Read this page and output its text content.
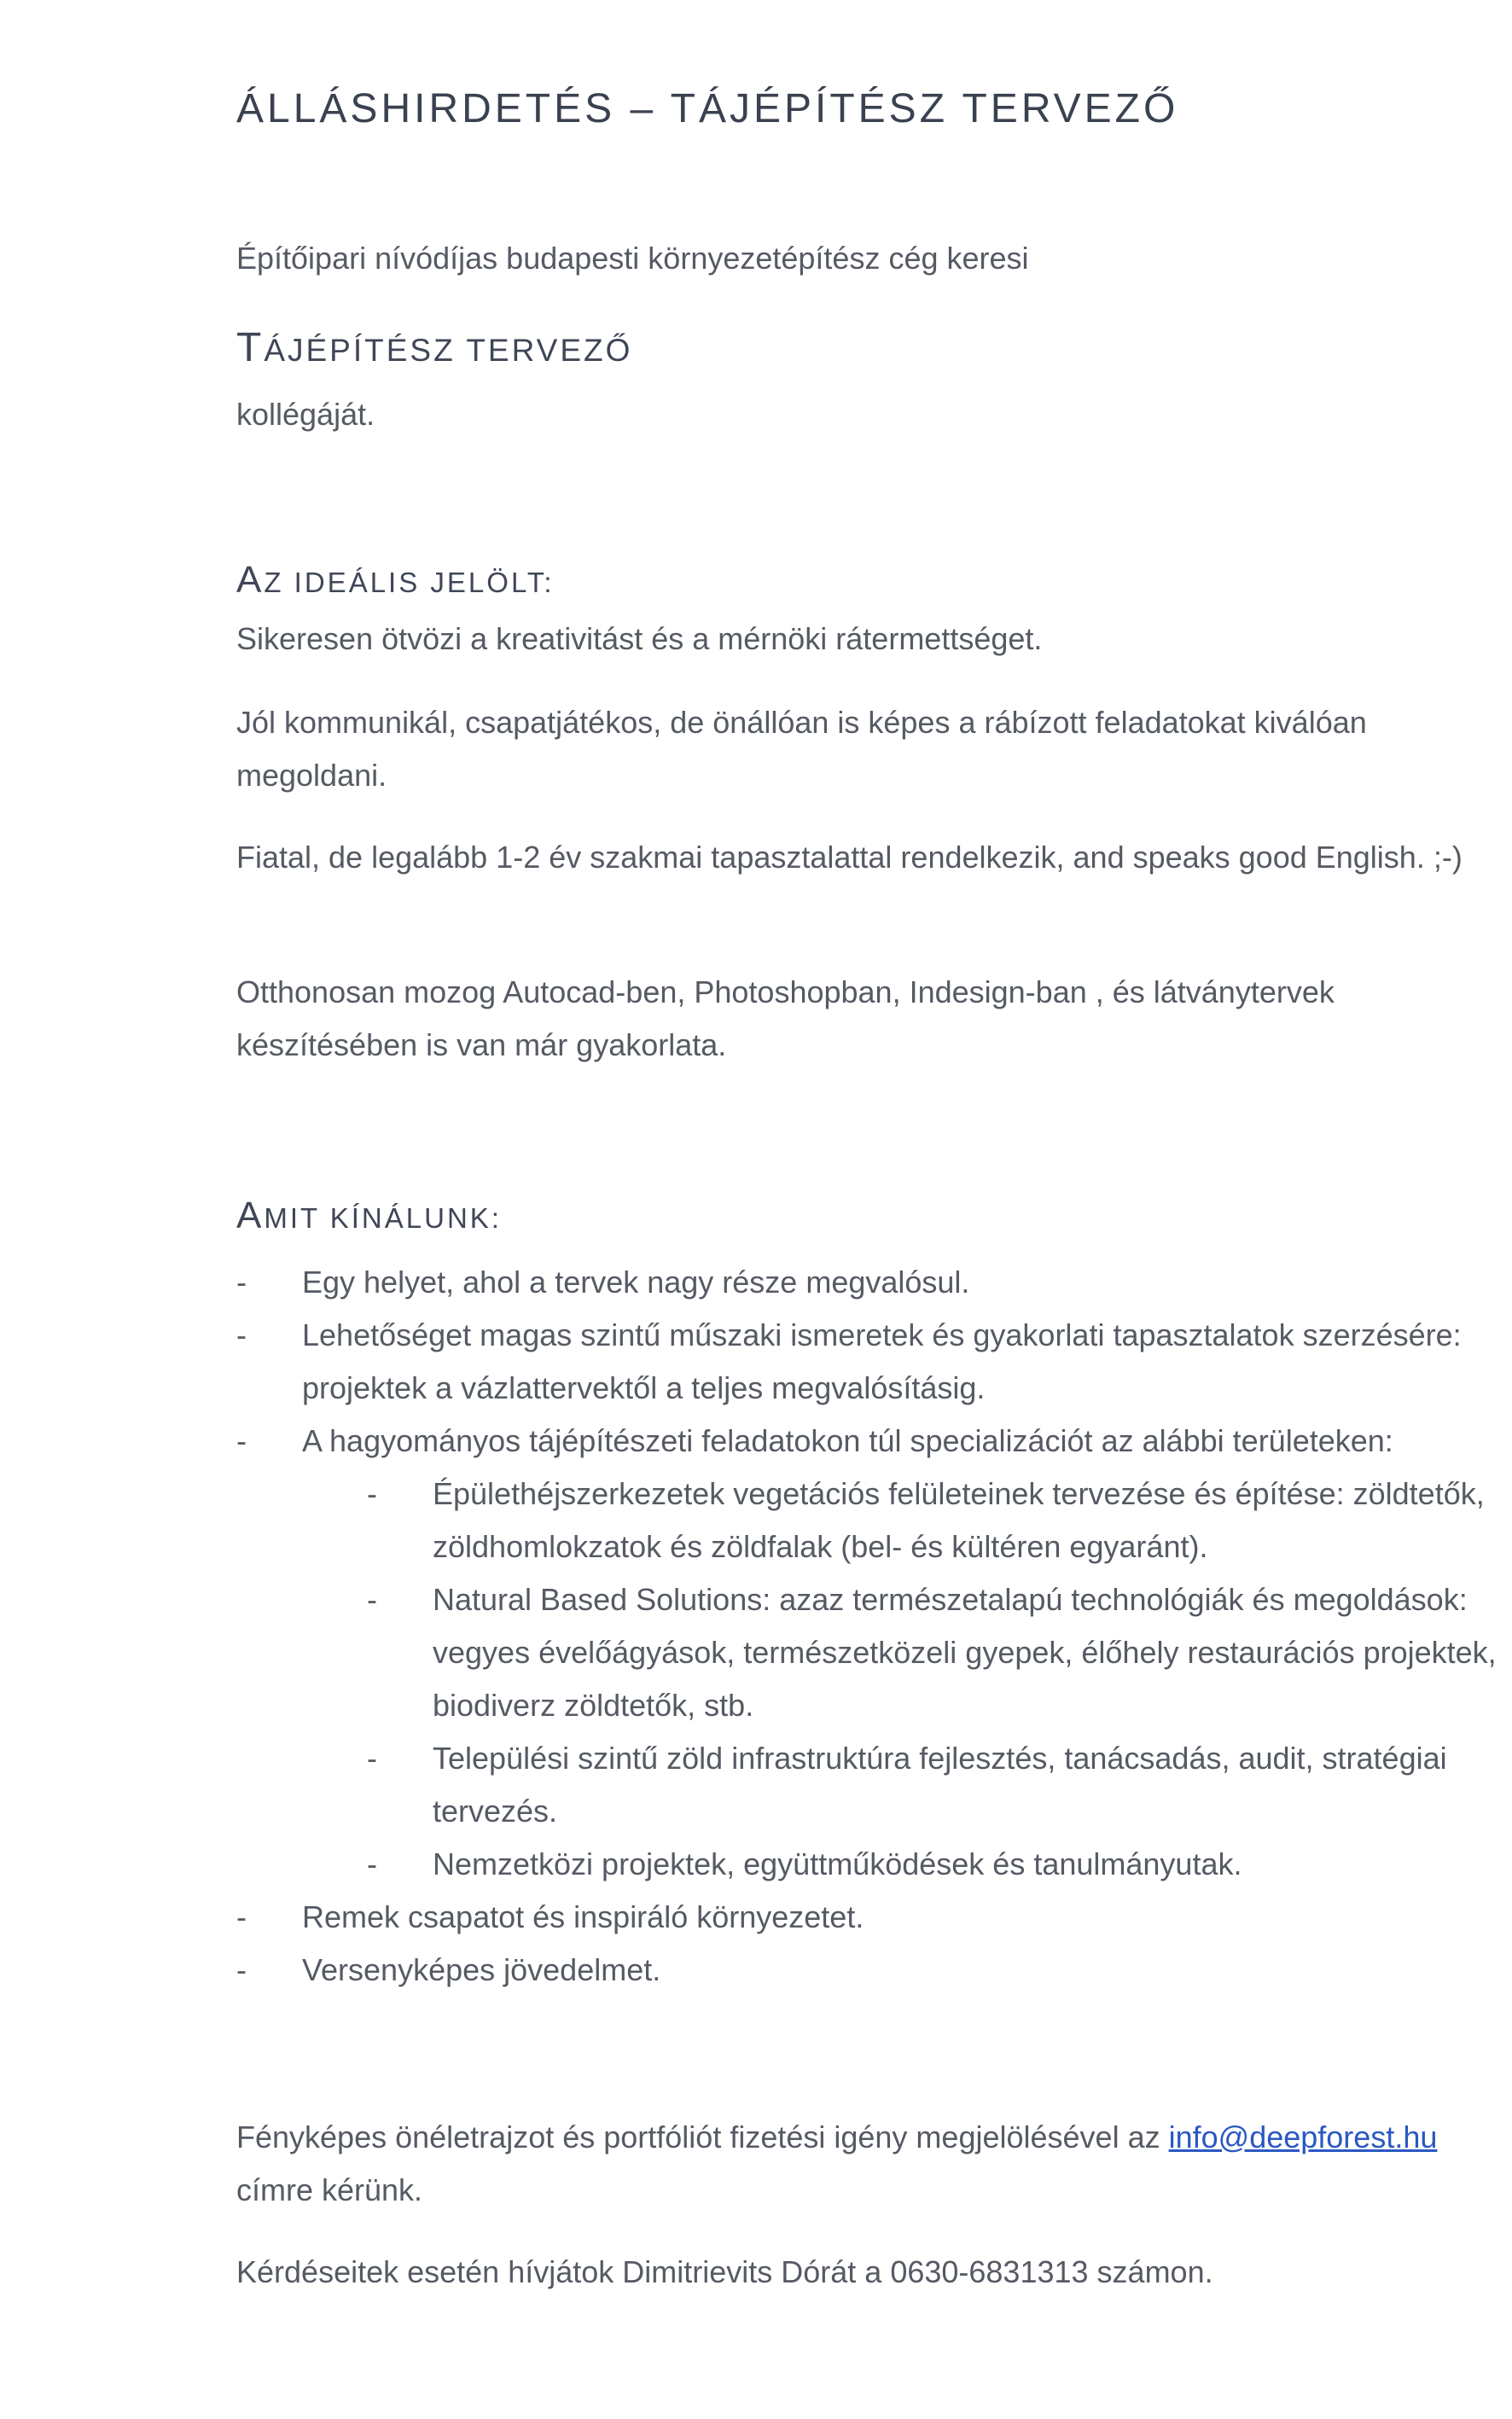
ÁLLÁSHIRDETÉS – TÁJÉPÍTÉSZ TERVEZŐ

Építőipari nívódíjas budapesti környezetépítész cég keresi

TÁJÉPÍTÉSZ TERVEZŐ

kollégáját.

AZ IDEÁLIS JELÖLT:

Sikeresen ötvözi a kreativitást és a mérnöki rátermettséget.

Jól kommunikál, csapatjátékos, de önállóan is képes a rábízott feladatokat kiválóan megoldani.

Fiatal, de legalább 1-2 év szakmai tapasztalattal rendelkezik, and speaks good English. ;-)

Otthonosan mozog Autocad-ben, Photoshopban, Indesign-ban , és látványtervek készítésében is van már gyakorlata.

AMIT KÍNÁLUNK:
- Egy helyet, ahol a tervek nagy része megvalósul.
- Lehetőséget magas szintű műszaki ismeretek és gyakorlati tapasztalatok szerzésére: projektek a vázlattervektől a teljes megvalósításig.
- A hagyományos tájépítészeti feladatokon túl specializációt az alábbi területeken:
- Épülethéjszerkezetek vegetációs felületeinek tervezése és építése: zöldtetők, zöldhomlokzatok és zöldfalak (bel- és kültéren egyaránt).
- Natural Based Solutions: azaz természetalapú technológiák és megoldások: vegyes évelőágyások, természetközeli gyepek, élőhely restaurációs projektek, biodiverz zöldtetők, stb.
- Települési szintű zöld infrastruktúra fejlesztés, tanácsadás, audit, stratégiai tervezés.
- Nemzetközi projektek, együttműködések és tanulmányutak.
- Remek csapatot és inspiráló környezetet.
- Versenyképes jövedelmet.

Fényképes önéletrajzot és portfóliót fizetési igény megjelölésével az info@deepforest.hu címre kérünk.

Kérdéseitek esetén hívjátok Dimitrievits Dórát a 0630-6831313 számon.
